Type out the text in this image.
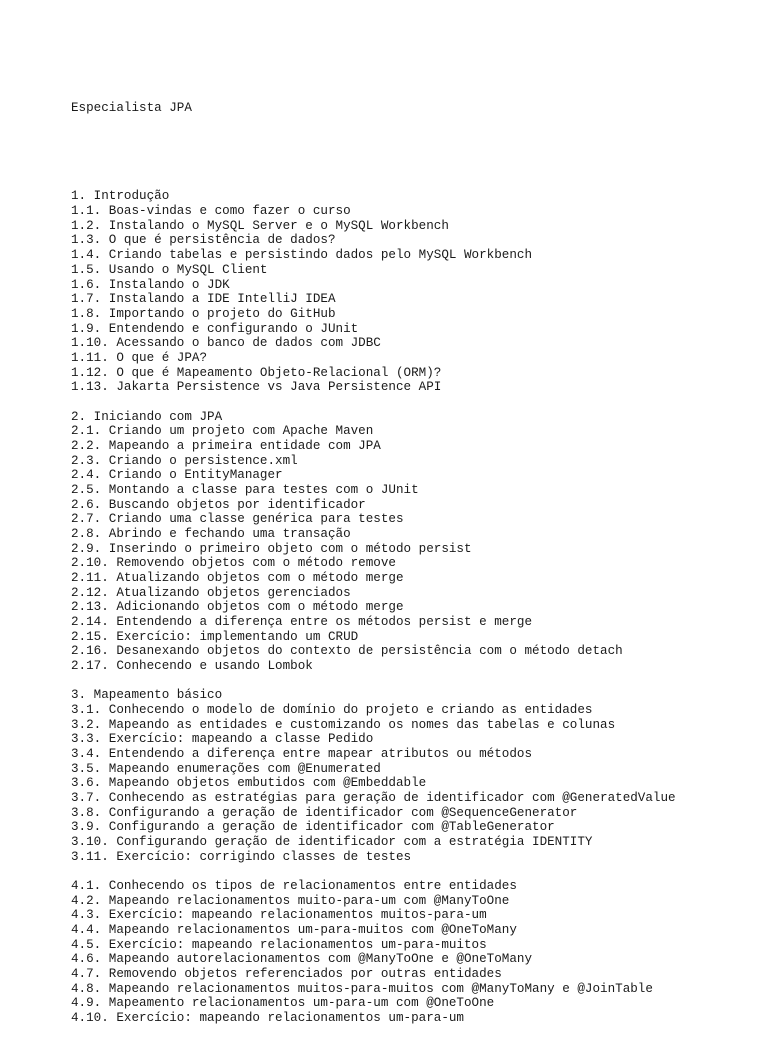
Especialista JPA

1. Introdução
1.1. Boas-vindas e como fazer o curso
1.2. Instalando o MySQL Server e o MySQL Workbench
1.3. O que é persistência de dados?
1.4. Criando tabelas e persistindo dados pelo MySQL Workbench
1.5. Usando o MySQL Client
1.6. Instalando o JDK
1.7. Instalando a IDE IntelliJ IDEA
1.8. Importando o projeto do GitHub
1.9. Entendendo e configurando o JUnit
1.10. Acessando o banco de dados com JDBC
1.11. O que é JPA?
1.12. O que é Mapeamento Objeto-Relacional (ORM)?
1.13. Jakarta Persistence vs Java Persistence API
2. Iniciando com JPA
2.1. Criando um projeto com Apache Maven
2.2. Mapeando a primeira entidade com JPA
2.3. Criando o persistence.xml
2.4. Criando o EntityManager
2.5. Montando a classe para testes com o JUnit
2.6. Buscando objetos por identificador
2.7. Criando uma classe genérica para testes
2.8. Abrindo e fechando uma transação
2.9. Inserindo o primeiro objeto com o método persist
2.10. Removendo objetos com o método remove
2.11. Atualizando objetos com o método merge
2.12. Atualizando objetos gerenciados
2.13. Adicionando objetos com o método merge
2.14. Entendendo a diferença entre os métodos persist e merge
2.15. Exercício: implementando um CRUD
2.16. Desanexando objetos do contexto de persistência com o método detach
2.17. Conhecendo e usando Lombok
3. Mapeamento básico
3.1. Conhecendo o modelo de domínio do projeto e criando as entidades
3.2. Mapeando as entidades e customizando os nomes das tabelas e colunas
3.3. Exercício: mapeando a classe Pedido
3.4. Entendendo a diferença entre mapear atributos ou métodos
3.5. Mapeando enumerações com @Enumerated
3.6. Mapeando objetos embutidos com @Embeddable
3.7. Conhecendo as estratégias para geração de identificador com @GeneratedValue
3.8. Configurando a geração de identificador com @SequenceGenerator
3.9. Configurando a geração de identificador com @TableGenerator
3.10. Configurando geração de identificador com a estratégia IDENTITY
3.11. Exercício: corrigindo classes de testes
4.1. Conhecendo os tipos de relacionamentos entre entidades
4.2. Mapeando relacionamentos muito-para-um com @ManyToOne
4.3. Exercício: mapeando relacionamentos muitos-para-um
4.4. Mapeando relacionamentos um-para-muitos com @OneToMany
4.5. Exercício: mapeando relacionamentos um-para-muitos
4.6. Mapeando autorelacionamentos com @ManyToOne e @OneToMany
4.7. Removendo objetos referenciados por outras entidades
4.8. Mapeando relacionamentos muitos-para-muitos com @ManyToMany e @JoinTable
4.9. Mapeamento relacionamentos um-para-um com @OneToOne
4.10. Exercício: mapeando relacionamentos um-para-um
